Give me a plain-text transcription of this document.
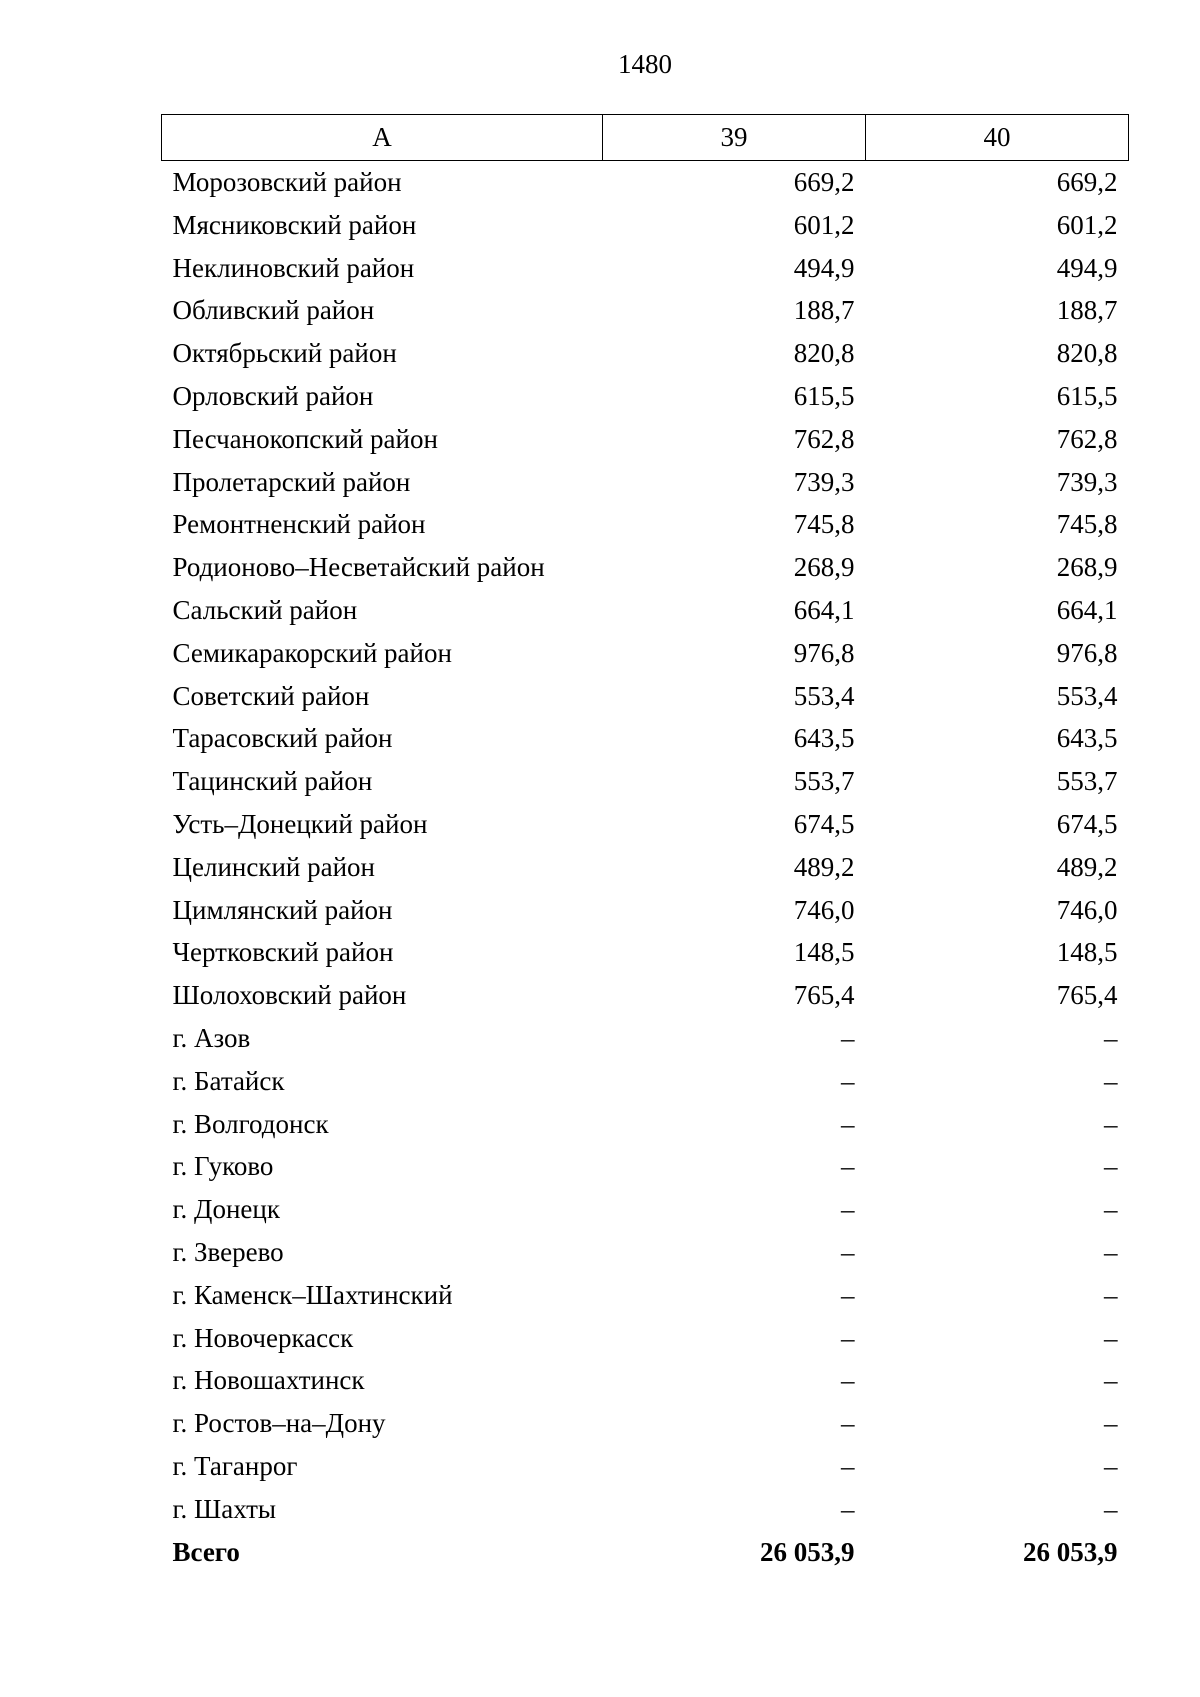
1480
А	39	40
Морозовский район	669,2	669,2
Мясниковский район	601,2	601,2
Неклиновский район	494,9	494,9
Обливский район	188,7	188,7
Октябрьский район	820,8	820,8
Орловский район	615,5	615,5
Песчанокопский район	762,8	762,8
Пролетарский район	739,3	739,3
Ремонтненский район	745,8	745,8
Родионово–Несветайский район	268,9	268,9
Сальский район	664,1	664,1
Семикаракорский район	976,8	976,8
Советский район	553,4	553,4
Тарасовский район	643,5	643,5
Тацинский район	553,7	553,7
Усть–Донецкий район	674,5	674,5
Целинский район	489,2	489,2
Цимлянский район	746,0	746,0
Чертковский район	148,5	148,5
Шолоховский район	765,4	765,4
г. Азов	–	–
г. Батайск	–	–
г. Волгодонск	–	–
г. Гуково	–	–
г. Донецк	–	–
г. Зверево	–	–
г. Каменск–Шахтинский	–	–
г. Новочеркасск	–	–
г. Новошахтинск	–	–
г. Ростов–на–Дону	–	–
г. Таганрог	–	–
г. Шахты	–	–
Всего	26 053,9	26 053,9
